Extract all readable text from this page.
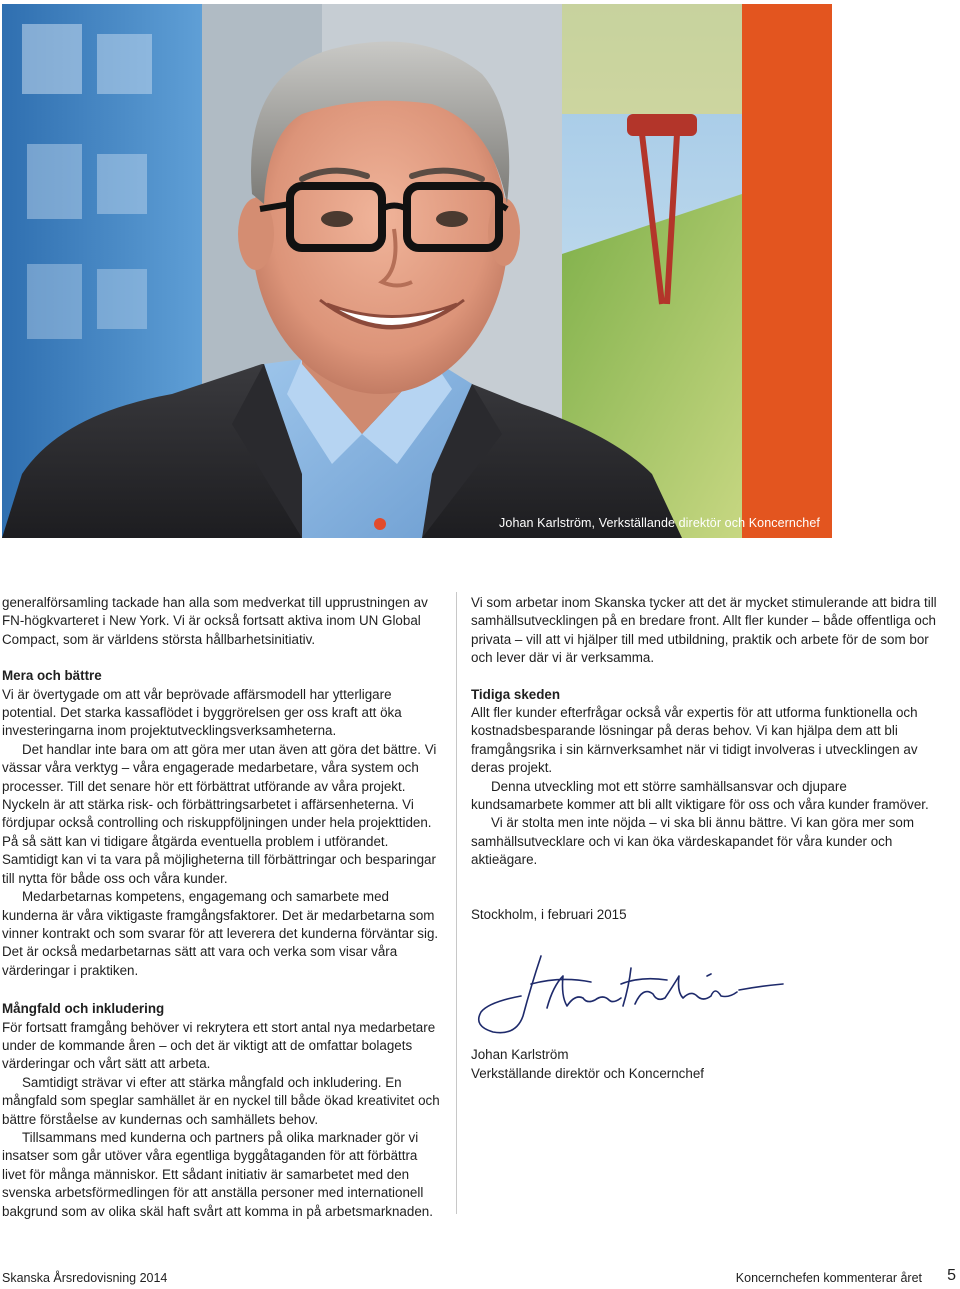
Johan Karlström, Verkställande direktör och Koncernchef

generalförsamling tackade han alla som medverkat till upprustningen av FN-högkvarteret i New York. Vi är också fortsatt aktiva inom UN Global Compact, som är världens största hållbarhetsinitiativ.

Mera och bättre

Vi är övertygade om att vår beprövade affärsmodell har ytterligare potential. Det starka kassaflödet i byggrörelsen ger oss kraft att öka investeringarna inom projektutvecklingsverksamheterna.

Det handlar inte bara om att göra mer utan även att göra det bättre. Vi vässar våra verktyg – våra engagerade medarbetare, våra system och processer. Till det senare hör ett förbättrat utförande av våra projekt. Nyckeln är att stärka risk- och förbättringsarbetet i affärsenheterna. Vi fördjupar också controlling och riskuppföljningen under hela projekttiden. På så sätt kan vi tidigare åtgärda eventuella problem i utförandet. Samtidigt kan vi ta vara på möjligheterna till förbättringar och besparingar till nytta för både oss och våra kunder.

Medarbetarnas kompetens, engagemang och samarbete med kunderna är våra viktigaste framgångsfaktorer. Det är medarbetarna som vinner kontrakt och som svarar för att leverera det kunderna förväntar sig. Det är också medarbetarnas sätt att vara och verka som visar våra värderingar i praktiken.

Mångfald och inkludering

För fortsatt framgång behöver vi rekrytera ett stort antal nya medarbetare under de kommande åren – och det är viktigt att de omfattar bolagets värderingar och vårt sätt att arbeta.

Samtidigt strävar vi efter att stärka mångfald och inkludering. En mångfald som speglar samhället är en nyckel till både ökad kreativitet och bättre förståelse av kundernas och samhällets behov.

Tillsammans med kunderna och partners på olika marknader gör vi insatser som går utöver våra egentliga byggåtaganden för att förbättra livet för många människor. Ett sådant initiativ är samarbetet med den svenska arbetsförmedlingen för att anställa personer med internationell bakgrund som av olika skäl haft svårt att komma in på arbetsmarknaden.

Vi som arbetar inom Skanska tycker att det är mycket stimulerande att bidra till samhällsutvecklingen på en bredare front. Allt fler kunder – både offentliga och privata – vill att vi hjälper till med utbildning, praktik och arbete för de som bor och lever där vi är verksamma.

Tidiga skeden

Allt fler kunder efterfrågar också vår expertis för att utforma funktionella och kostnadsbesparande lösningar på deras behov. Vi kan hjälpa dem att bli framgångsrika i sin kärnverksamhet när vi tidigt involveras i utvecklingen av deras projekt.

Denna utveckling mot ett större samhällsansvar och djupare kundsamarbete kommer att bli allt viktigare för oss och våra kunder framöver.

Vi är stolta men inte nöjda – vi ska bli ännu bättre. Vi kan göra mer som samhällsutvecklare och vi kan öka värdeskapandet för våra kunder och aktieägare.

Stockholm, i februari 2015

Johan Karlström

Verkställande direktör och Koncernchef

Skanska Årsredovisning 2014	Koncernchefen kommenterar året 5
